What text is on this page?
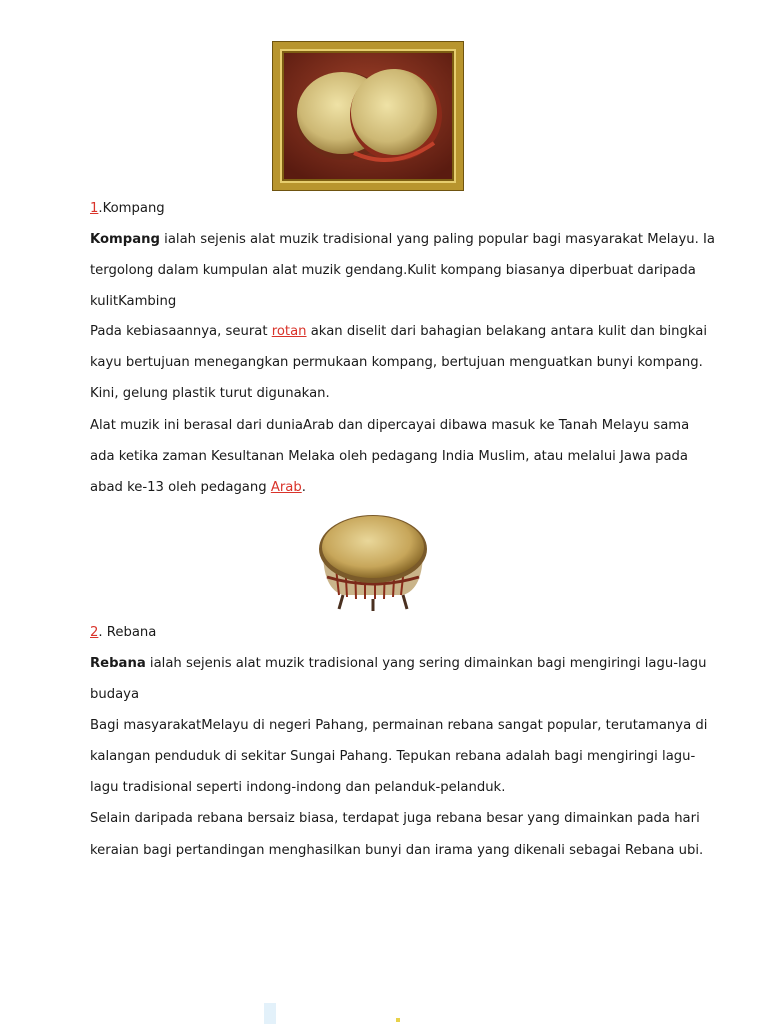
1.Kompang
Kompang ialah sejenis alat muzik tradisional yang paling popular bagi masyarakat Melayu. Ia
tergolong dalam kumpulan alat muzik gendang.Kulit kompang biasanya diperbuat daripada
kulitKambing
Pada kebiasaannya, seurat rotan akan diselit dari bahagian belakang antara kulit dan bingkai
kayu bertujuan menegangkan permukaan kompang, bertujuan menguatkan bunyi kompang.
Kini, gelung plastik turut digunakan.
Alat muzik ini berasal dari duniaArab dan dipercayai dibawa masuk ke Tanah Melayu sama
ada ketika zaman Kesultanan Melaka oleh pedagang India Muslim, atau melalui Jawa pada
abad ke-13 oleh pedagang Arab.
2. Rebana
Rebana ialah sejenis alat muzik tradisional yang sering dimainkan bagi mengiringi lagu-lagu
budaya
Bagi masyarakatMelayu di negeri Pahang, permainan rebana sangat popular, terutamanya di
kalangan penduduk di sekitar Sungai Pahang. Tepukan rebana adalah bagi mengiringi lagu-
lagu tradisional seperti indong-indong dan pelanduk-pelanduk.
Selain daripada rebana bersaiz biasa, terdapat juga rebana besar yang dimainkan pada hari
keraian bagi pertandingan menghasilkan bunyi dan irama yang dikenali sebagai Rebana ubi.
